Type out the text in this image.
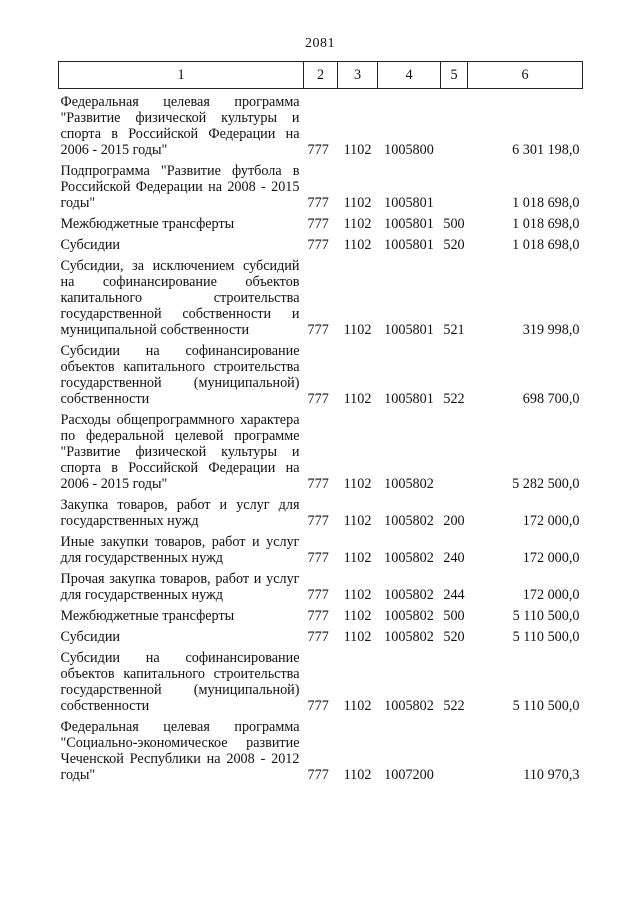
2081
1	2	3	4	5	6
Федеральная целевая программа "Развитие физической культуры и спорта в Российской Федерации на 2006 - 2015 годы"	777	1102	1005800		6 301 198,0
Подпрограмма "Развитие футбола в Российской Федерации на 2008 - 2015 годы"	777	1102	1005801		1 018 698,0
Межбюджетные трансферты	777	1102	1005801	500	1 018 698,0
Субсидии	777	1102	1005801	520	1 018 698,0
Субсидии, за исключением субсидий на софинансирование объектов капитального строительства государственной собственности и муниципальной собственности	777	1102	1005801	521	319 998,0
Субсидии на софинансирование объектов капитального строительства государственной (муниципальной) собственности	777	1102	1005801	522	698 700,0
Расходы общепрограммного характера по федеральной целевой программе "Развитие физической культуры и спорта в Российской Федерации на 2006 - 2015 годы"	777	1102	1005802		5 282 500,0
Закупка товаров, работ и услуг для государственных нужд	777	1102	1005802	200	172 000,0
Иные закупки товаров, работ и услуг для государственных нужд	777	1102	1005802	240	172 000,0
Прочая закупка товаров, работ и услуг для государственных нужд	777	1102	1005802	244	172 000,0
Межбюджетные трансферты	777	1102	1005802	500	5 110 500,0
Субсидии	777	1102	1005802	520	5 110 500,0
Субсидии на софинансирование объектов капитального строительства государственной (муниципальной) собственности	777	1102	1005802	522	5 110 500,0
Федеральная целевая программа "Социально-экономическое развитие Чеченской Республики на 2008 - 2012 годы"	777	1102	1007200		110 970,3
